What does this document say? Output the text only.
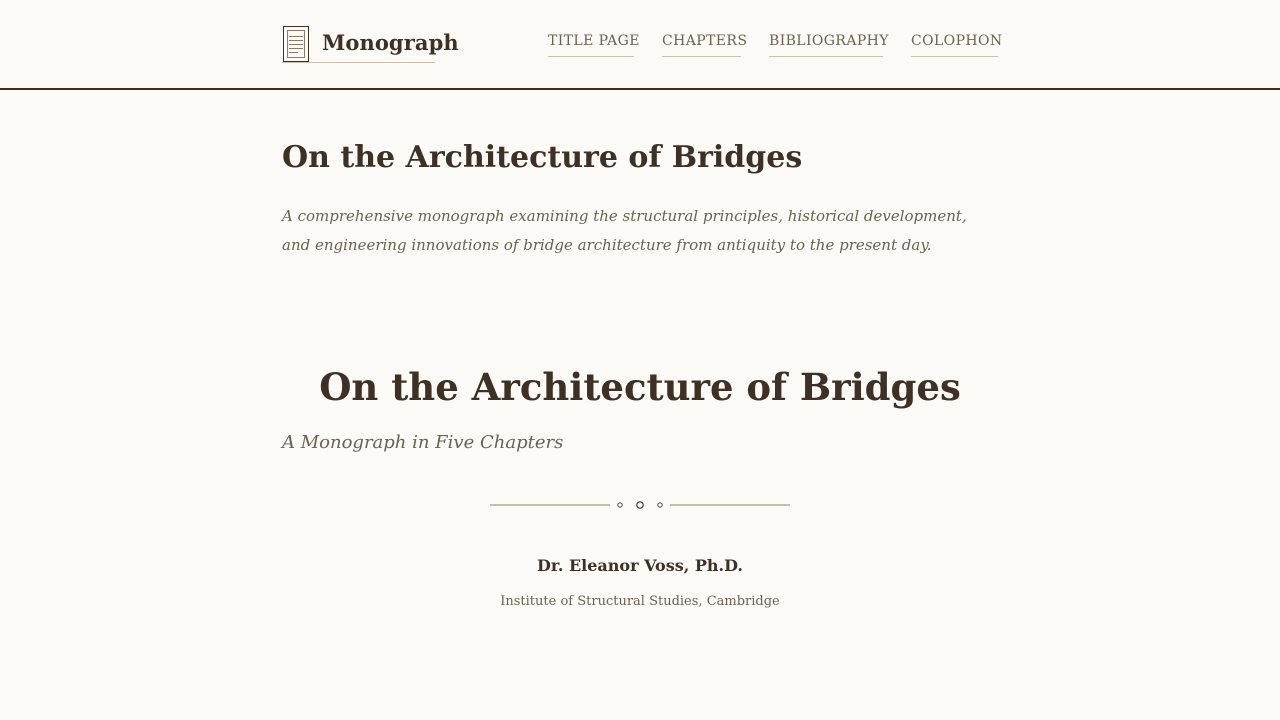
Monograph	TITLE PAGE CHAPTERS BIBLIOGRAPHY COLOPHON
On the Architecture of Bridges

A comprehensive monograph examining the structural principles, historical development, and engineering innovations of bridge architecture from antiquity to the present day.

On the Architecture of Bridges

A Monograph in Five Chapters

Dr. Eleanor Voss, Ph.D.

Institute of Structural Studies, Cambridge
